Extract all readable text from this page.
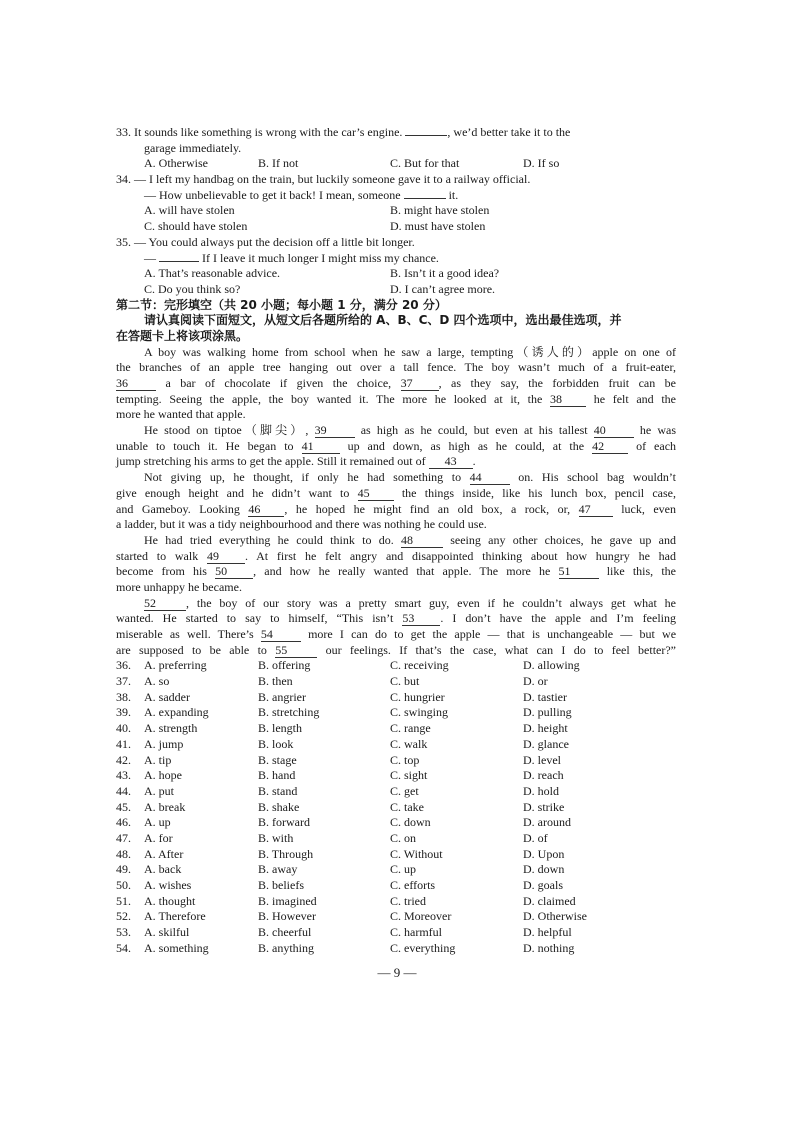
33. It sounds like something is wrong with the car’s engine.	, we’d better take it to the
garage immediately.
A. Otherwise	B. If not	C. But for that	D. If so
34. — I left my handbag on the train, but luckily someone gave it to a railway official.
— How unbelievable to get it back! I mean, someone	it.
A. will have stolen	B. might have stolen
C. should have stolen	D. must have stolen
35. — You could always put the decision off a little bit longer.
—	If I leave it much longer I might miss my chance.
A. That’s reasonable advice.	B. Isn’t it a good idea?
C. Do you think so?	D. I can’t agree more.
第二节：完形填空（共 20 小题；每小题 1 分，满分 20 分）
请认真阅读下面短文，从短文后各题所给的 A、B、C、D 四个选项中，选出最佳选项，并
在答题卡上将该项涂黑。
A boy was walking home from school when he saw a large, tempting（诱人的）apple on one of
the branches of an apple tree hanging out over a tall fence. The boy wasn’t much of a fruit-eater,
36	a bar of chocolate if given the choice, 37 , as they say, the forbidden fruit can be
tempting. Seeing the apple, the boy wanted it. The more he looked at it, the 38	he felt and the
more he wanted that apple.
He stood on tiptoe（脚尖）, 39	as high as he could, but even at his tallest 40	he was
unable to touch it. He began to 41	up and down, as high as he could, at the 42	of each
jump stretching his arms to get the apple. Still it remained out of 43 .
Not giving up, he thought, if only he had something to 44	on. His school bag wouldn’t
give enough height and he didn’t want to 45	the things inside, like his lunch box, pencil case,
and Gameboy. Looking 46 , he hoped he might find an old box, a rock, or, 47	luck, even
a ladder, but it was a tidy neighbourhood and there was nothing he could use.
He had tried everything he could think to do. 48	seeing any other choices, he gave up and
started to walk 49 . At first he felt angry and disappointed thinking about how hungry he had
become from his 50 , and how he really wanted that apple. The more he 51	like this, the
more unhappy he became.
52	, the boy of our story was a pretty smart guy, even if he couldn’t always get what he
wanted. He started to say to himself, “This isn’t 53 . I don’t have the apple and I’m feeling
miserable as well. There’s 54	more I can do to get the apple — that is unchangeable — but we
are supposed to be able to 55	our feelings. If that’s the case, what can I do to feel better?”
36.	A. preferring	B. offering	C. receiving	D. allowing
37.	A. so	B. then	C. but	D. or
38.	A. sadder	B. angrier	C. hungrier	D. tastier
39.	A. expanding	B. stretching	C. swinging	D. pulling
40.	A. strength	B. length	C. range	D. height
41.	A. jump	B. look	C. walk	D. glance
42.	A. tip	B. stage	C. top	D. level
43.	A. hope	B. hand	C. sight	D. reach
44.	A. put	B. stand	C. get	D. hold
45.	A. break	B. shake	C. take	D. strike
46.	A. up	B. forward	C. down	D. around
47.	A. for	B. with	C. on	D. of
48.	A. After	B. Through	C. Without	D. Upon
49.	A. back	B. away	C. up	D. down
50.	A. wishes	B. beliefs	C. efforts	D. goals
51.	A. thought	B. imagined	C. tried	D. claimed
52.	A. Therefore	B. However	C. Moreover	D. Otherwise
53.	A. skilful	B. cheerful	C. harmful	D. helpful
54.	A. something	B. anything	C. everything	D. nothing
— 9 —
